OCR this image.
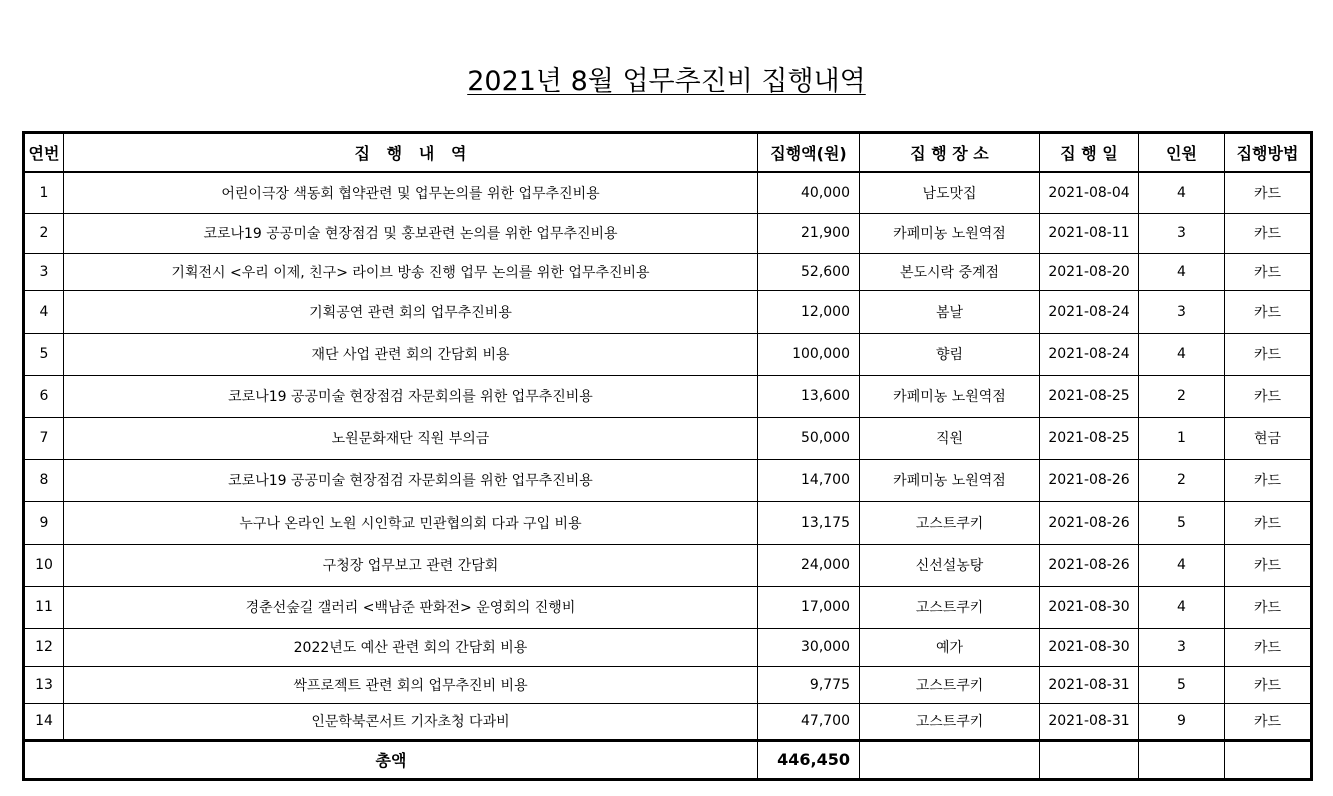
2021년 8월 업무추진비 집행내역
연번	집   행   내   역	집행액(원)	집 행 장 소	집 행 일	인원	집행방법
1	어린이극장 색동회 협약관련 및 업무논의를 위한 업무추진비용	40,000	남도맛집	2021-08-04	4	카드
2	코로나19 공공미술 현장점검 및 홍보관련 논의를 위한 업무추진비용	21,900	카페미농 노원역점	2021-08-11	3	카드
3	기획전시 <우리 이제, 친구> 라이브 방송 진행 업무 논의를 위한 업무추진비용	52,600	본도시락 중계점	2021-08-20	4	카드
4	기획공연 관련 회의 업무추진비용	12,000	봄날	2021-08-24	3	카드
5	재단 사업 관련 회의 간담회 비용	100,000	향림	2021-08-24	4	카드
6	코로나19 공공미술 현장점검 자문회의를 위한 업무추진비용	13,600	카페미농 노원역점	2021-08-25	2	카드
7	노원문화재단 직원 부의금	50,000	직원	2021-08-25	1	현금
8	코로나19 공공미술 현장점검 자문회의를 위한 업무추진비용	14,700	카페미농 노원역점	2021-08-26	2	카드
9	누구나 온라인 노원 시인학교 민관협의회 다과 구입 비용	13,175	고스트쿠키	2021-08-26	5	카드
10	구청장 업무보고 관련 간담회	24,000	신선설농탕	2021-08-26	4	카드
11	경춘선숲길 갤러리 <백남준 판화전> 운영회의 진행비	17,000	고스트쿠키	2021-08-30	4	카드
12	2022년도 예산 관련 회의 간담회 비용	30,000	예가	2021-08-30	3	카드
13	싹프로젝트 관련 회의 업무추진비 비용	9,775	고스트쿠키	2021-08-31	5	카드
14	인문학북콘서트 기자초청 다과비	47,700	고스트쿠키	2021-08-31	9	카드
총액		446,450				
